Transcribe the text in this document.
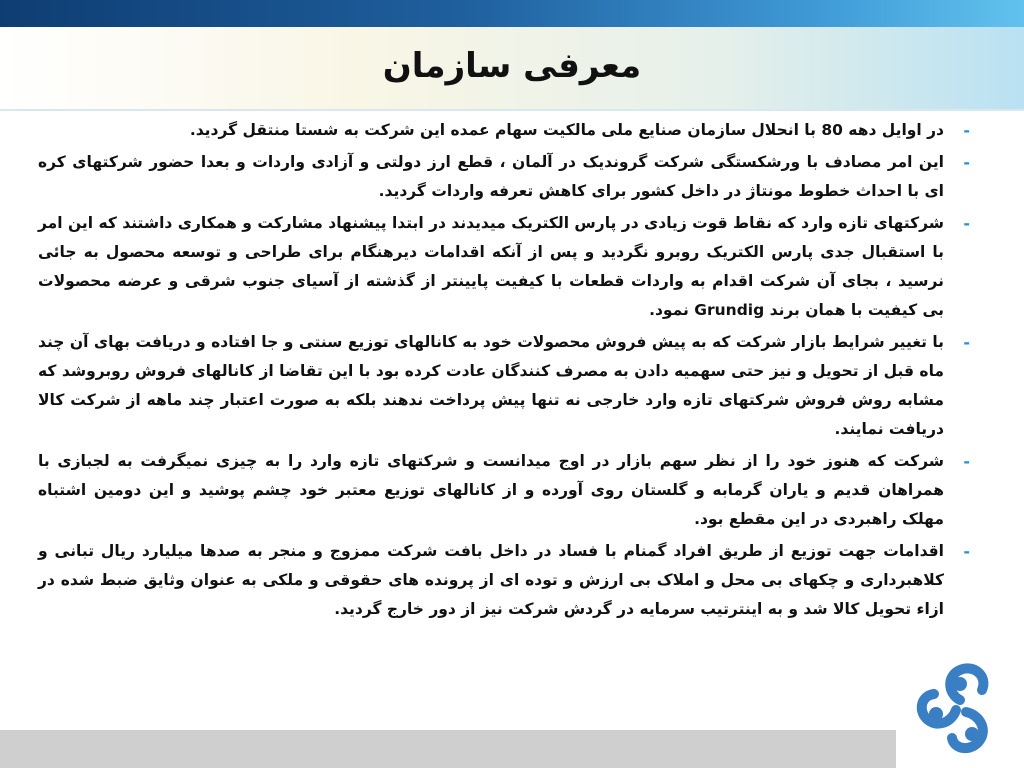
معرفی سازمان
-
در اوایل دهه 80 با انحلال سازمان صنایع ملی مالکیت سهام عمده این شرکت به شستا منتقل گردید.
-
این امر مصادف با ورشکستگی شرکت گروندیک در آلمان ، قطع ارز دولتی و آزادی واردات و بعدا حضور شرکتهای کره ای با احداث خطوط مونتاژ در داخل کشور برای کاهش تعرفه واردات گردید.
-
شرکتهای تازه وارد که نقاط قوت زیادی در پارس الکتریک میدیدند در ابتدا پیشنهاد مشارکت و همکاری داشتند که این امر با استقبال جدی پارس الکتریک روبرو نگردید و پس از آنکه اقدامات دیرهنگام برای طراحی و توسعه محصول به جائی نرسید ، بجای آن شرکت اقدام به واردات قطعات با کیفیت پایینتر از گذشته از آسیای جنوب شرقی و عرضه محصولات بی کیفیت با همان برند Grundig نمود.
-
با تغییر شرایط بازار شرکت که به پیش فروش محصولات خود به کانالهای توزیع سنتی و جا افتاده و دریافت بهای آن چند ماه قبل از تحویل و نیز حتی سهمیه دادن به مصرف کنندگان عادت کرده بود با این تقاضا از کانالهای فروش روبروشد که مشابه روش فروش شرکتهای تازه وارد خارجی نه تنها پیش پرداخت ندهند بلکه به صورت اعتبار چند ماهه از شرکت کالا دریافت نمایند.
-
شرکت که هنوز خود را از نظر سهم بازار در اوج میدانست و شرکتهای تازه وارد را به چیزی نمیگرفت به لجبازی با همراهان قدیم و یاران گرمابه و گلستان روی آورده و از کانالهای توزیع معتبر خود چشم پوشید و این دومین اشتباه مهلک راهبردی در این مقطع بود.
-
اقدامات جهت توزیع از طریق افراد گمنام با فساد در داخل بافت شرکت ممزوج و منجر به صدها میلیارد ریال تبانی و کلاهبرداری و چکهای بی محل و املاک بی ارزش و توده ای از پرونده های حقوقی و ملکی به عنوان وثایق ضبط شده در ازاء تحویل کالا شد و به اینترتیب سرمایه در گردش شرکت نیز از دور خارج گردید.
